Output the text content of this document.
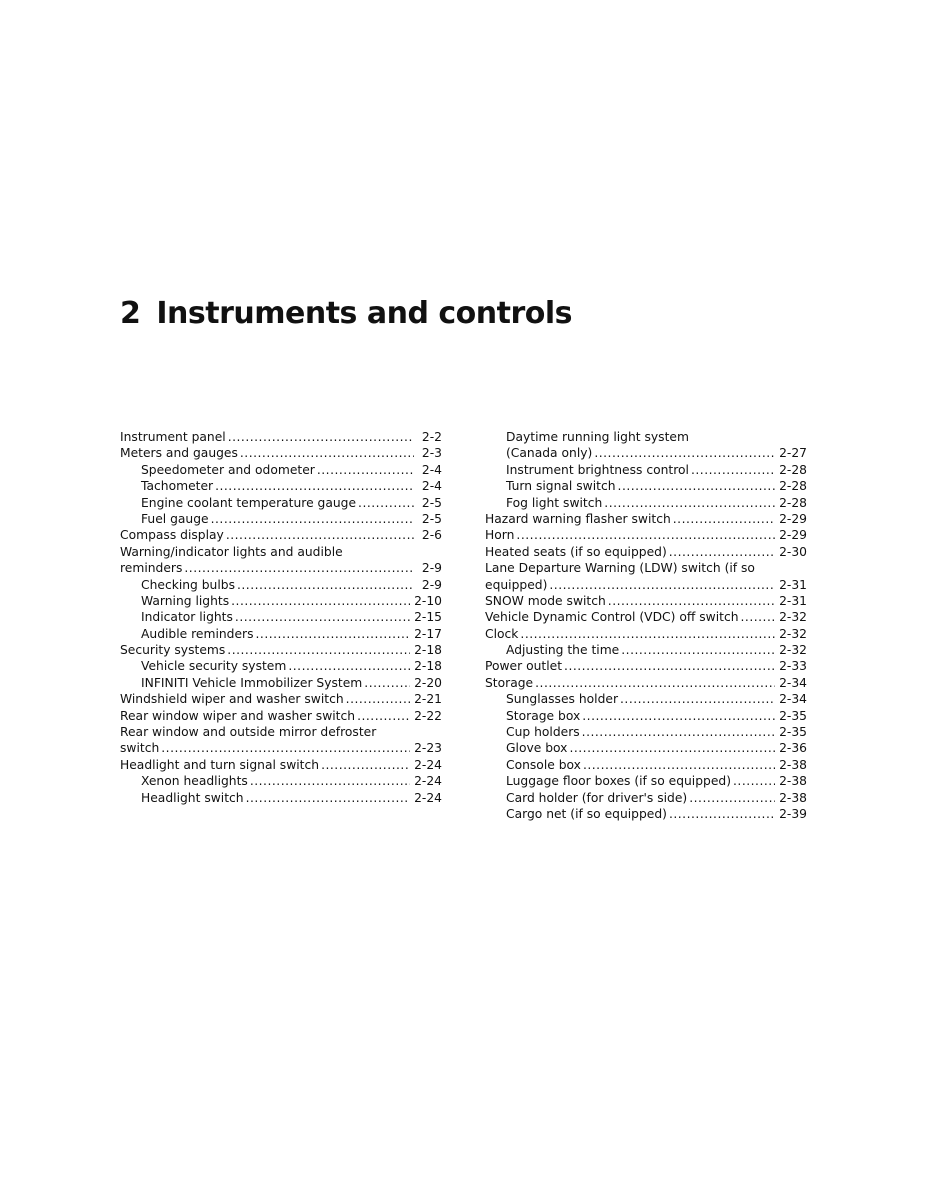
2 Instruments and controls
Instrument panel .....	2-2
Meters and gauges .....	2-3
Speedometer and odometer .....	2-4
Tachometer .....	2-4
Engine coolant temperature gauge .....	2-5
Fuel gauge .....	2-5
Compass display .....	2-6
Warning/indicator lights and audible
reminders .....	2-9
Checking bulbs .....	2-9
Warning lights .....	2-10
Indicator lights .....	2-15
Audible reminders .....	2-17
Security systems .....	2-18
Vehicle security system .....	2-18
INFINITI Vehicle Immobilizer System .....	2-20
Windshield wiper and washer switch .....	2-21
Rear window wiper and washer switch .....	2-22
Rear window and outside mirror defroster
switch .....	2-23
Headlight and turn signal switch .....	2-24
Xenon headlights .....	2-24
Headlight switch .....	2-24
Daytime running light system
(Canada only) .....	2-27
Instrument brightness control .....	2-28
Turn signal switch .....	2-28
Fog light switch .....	2-28
Hazard warning flasher switch .....	2-29
Horn .....	2-29
Heated seats (if so equipped) .....	2-30
Lane Departure Warning (LDW) switch (if so
equipped) .....	2-31
SNOW mode switch .....	2-31
Vehicle Dynamic Control (VDC) off switch .....	2-32
Clock .....	2-32
Adjusting the time .....	2-32
Power outlet .....	2-33
Storage .....	2-34
Sunglasses holder .....	2-34
Storage box .....	2-35
Cup holders .....	2-35
Glove box .....	2-36
Console box .....	2-38
Luggage floor boxes (if so equipped) .....	2-38
Card holder (for driver's side) .....	2-38
Cargo net (if so equipped) .....	2-39
